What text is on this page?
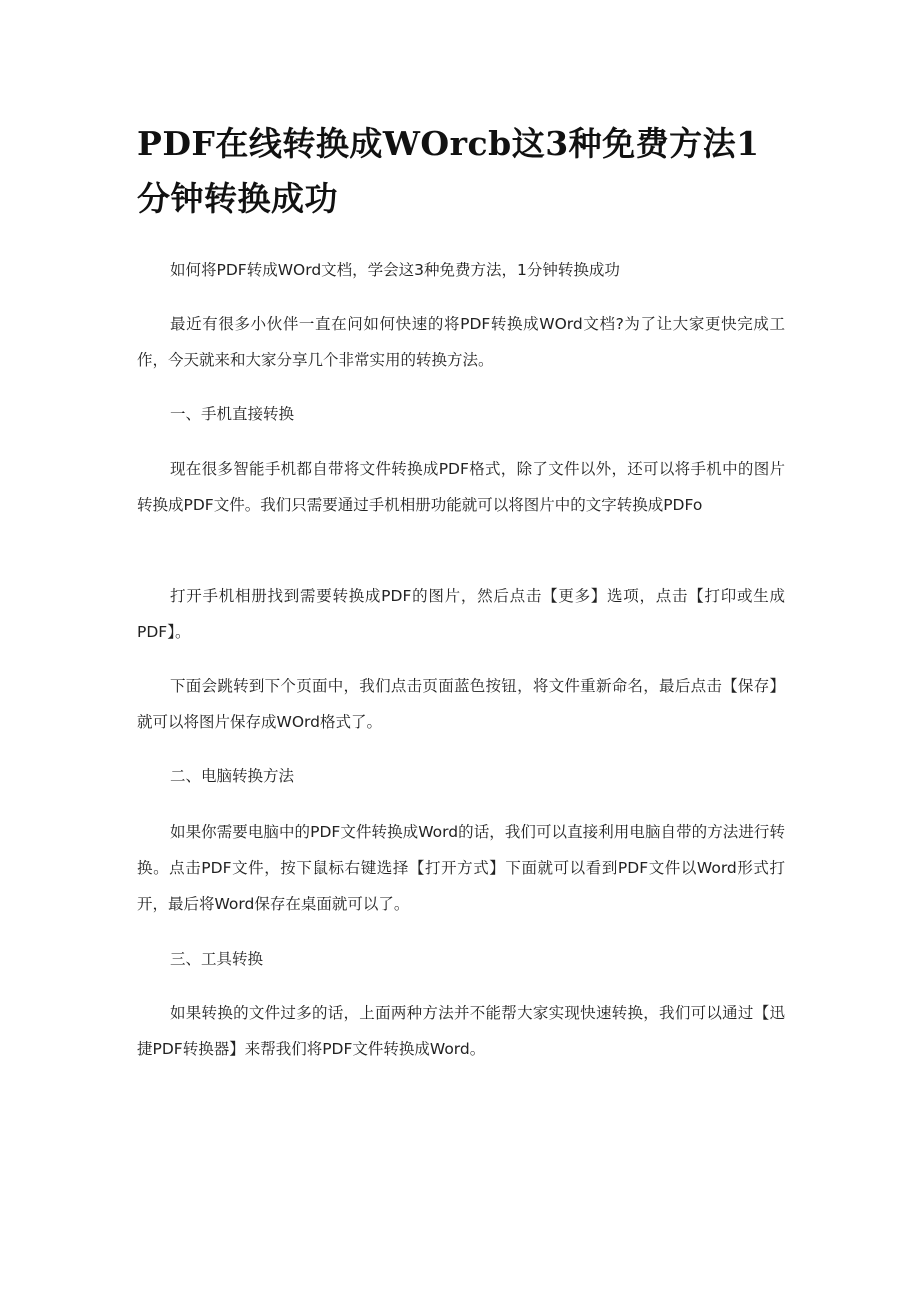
PDF在线转换成WOrcb这3种免费方法1分钟转换成功

如何将PDF转成WOrd文档，学会这3种免费方法，1分钟转换成功

最近有很多小伙伴一直在问如何快速的将PDF转换成WOrd文档?为了让大家更快完成工作，今天就来和大家分享几个非常实用的转换方法。

一、手机直接转换

现在很多智能手机都自带将文件转换成PDF格式，除了文件以外，还可以将手机中的图片转换成PDF文件。我们只需要通过手机相册功能就可以将图片中的文字转换成PDFo

打开手机相册找到需要转换成PDF的图片，然后点击【更多】选项，点击【打印或生成PDF】。

下面会跳转到下个页面中，我们点击页面蓝色按钮，将文件重新命名，最后点击【保存】就可以将图片保存成WOrd格式了。

二、电脑转换方法

如果你需要电脑中的PDF文件转换成Word的话，我们可以直接利用电脑自带的方法进行转换。点击PDF文件，按下鼠标右键选择【打开方式】下面就可以看到PDF文件以Word形式打开，最后将Word保存在桌面就可以了。

三、工具转换

如果转换的文件过多的话，上面两种方法并不能帮大家实现快速转换，我们可以通过【迅捷PDF转换器】来帮我们将PDF文件转换成Word。
